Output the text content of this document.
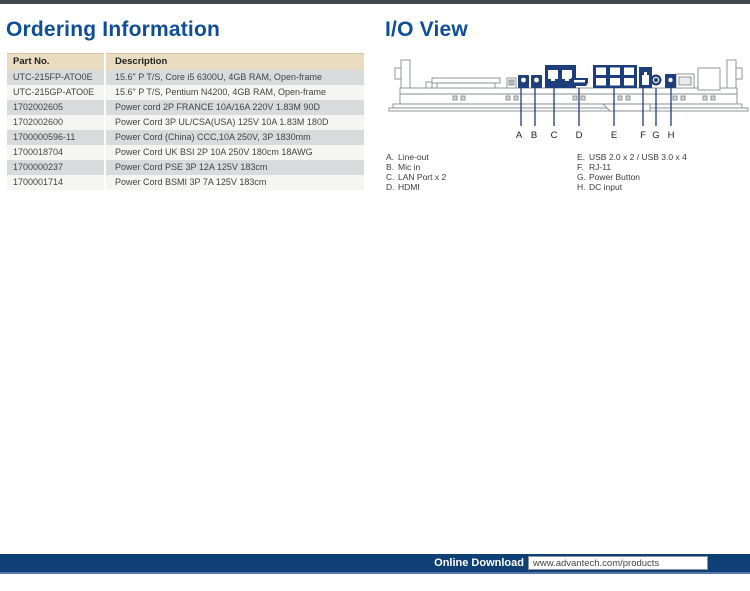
Ordering Information	I/O View
Part No.	Description
UTC-215FP-ATO0E	15.6" P T/S, Core i5 6300U, 4GB RAM, Open-frame
UTC-215GP-ATO0E	15.6" P T/S, Pentium N4200, 4GB RAM, Open-frame
1702002605	Power cord 2P FRANCE 10A/16A 220V 1.83M 90D
1702002600	Power Cord 3P UL/CSA(USA) 125V 10A 1.83M 180D
1700000596-11	Power Cord (China) CCC,10A 250V, 3P 1830mm
1700018704	Power Cord UK BSI 2P 10A 250V 180cm 18AWG
1700000237	Power Cord PSE 3P 12A 125V 183cm
1700001714	Power Cord BSMI 3P 7A 125V 183cm
A B C D	E F G H
A. Line-out
B. Mic in
C. LAN Port x 2
D. HDMI
E. USB 2.0 x 2 / USB 3.0 x 4
F. RJ-11
G. Power Button
H. DC input
Online Download www.advantech.com/products
